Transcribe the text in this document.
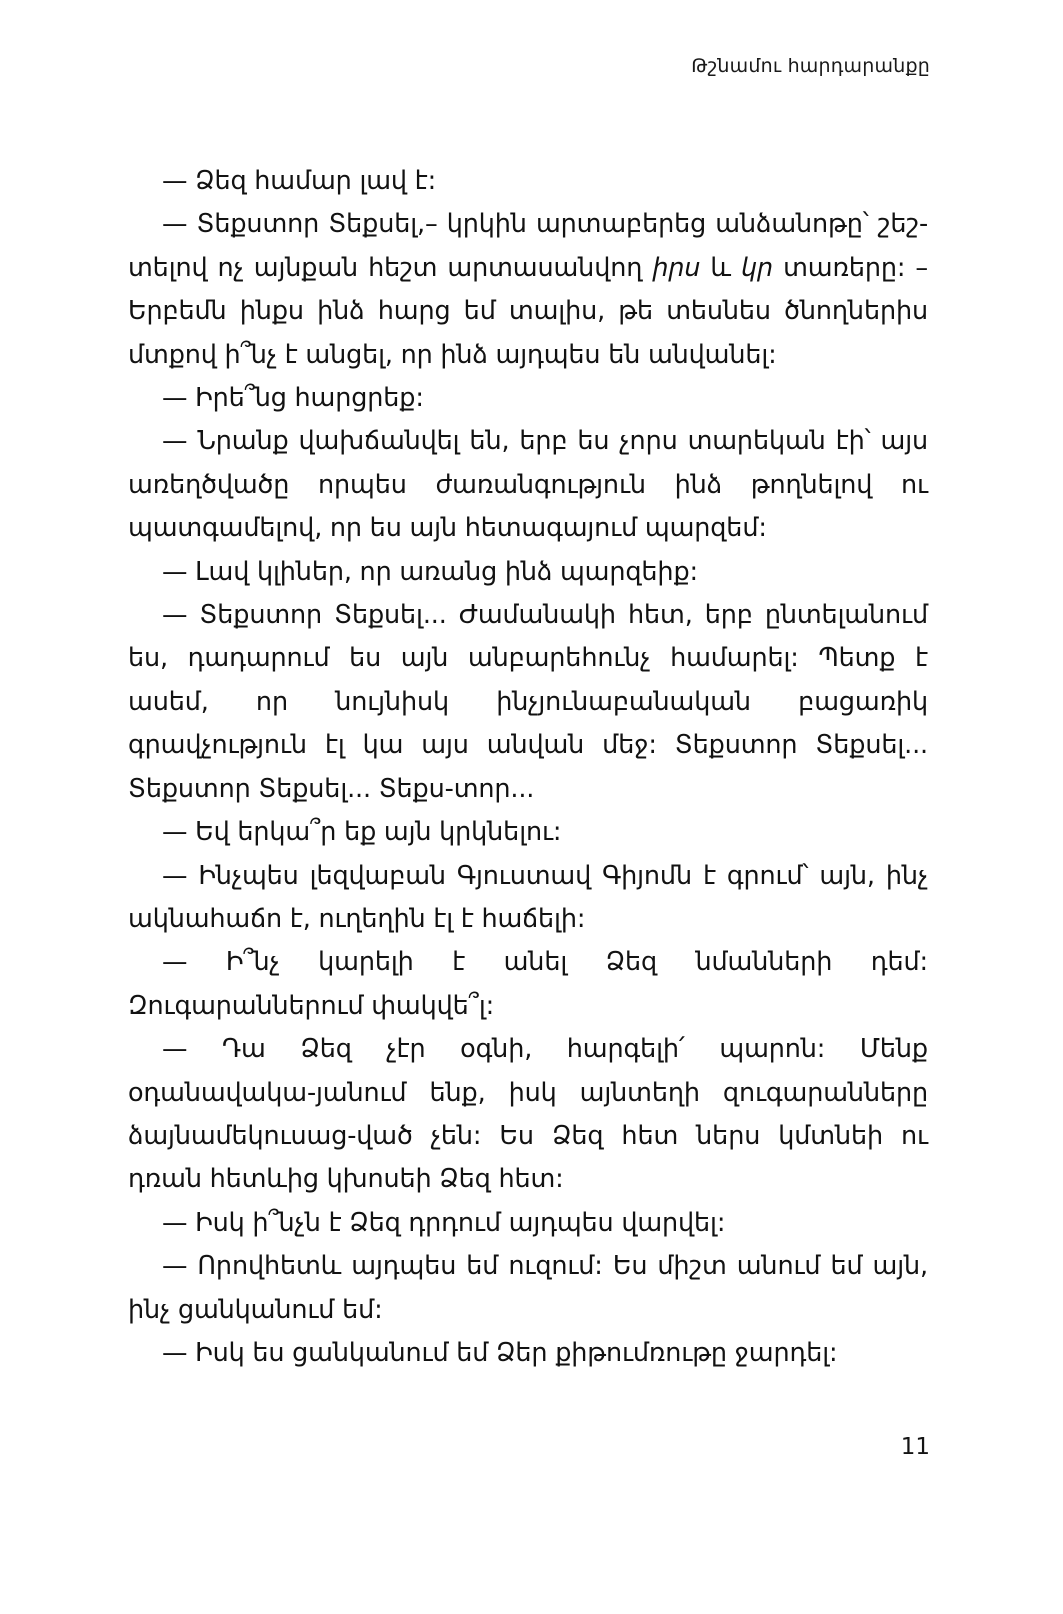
Թշնամու հարդարանքը

— Ձեզ համար լավ է:

— Տեքստոր Տեքսել,– կրկին արտաբերեց անձանոթը՝ շեշ-տելով ոչ այնքան հեշտ արտասանվող իրս և կր տառերը: – Երբեմն ինքս ինձ հարց եմ տալիս, թե տեսնես ծնողներիս մտքով ի՞նչ է անցել, որ ինձ այդպես են անվանել:

— Իրե՞նց հարցրեք:

— Նրանք վախճանվել են, երբ ես չորս տարեկան էի՝ այս առեղծվածը որպես ժառանգություն ինձ թողնելով ու պատգամելով, որ ես այն հետագայում պարզեմ:

— Լավ կլիներ, որ առանց ինձ պարզեիք:

— Տեքստոր Տեքսել... Ժամանակի հետ, երբ ընտելանում ես, դադարում ես այն անբարեհունչ համարել: Պետք է ասեմ, որ նույնիսկ ինչյունաբանական բացառիկ գրավչություն էլ կա այս անվան մեջ: Տեքստոր Տեքսել... Տեքստոր Տեքսել... Տեքս-տոր...

— Եվ երկա՞ր եք այն կրկնելու:

— Ինչպես լեզվաբան Գյուստավ Գիյոմն է գրում՝ այն, ինչ ակնահաճո է, ուղեղին էլ է հաճելի:

— Ի՞նչ կարելի է անել Ձեզ նմանների դեմ: Զուգարաններում փակվե՞լ:

— Դա Ձեզ չէր օգնի, հարգելի՛ պարոն: Մենք օդանավակա-յանում ենք, իսկ այնտեղի զուգարանները ձայնամեկուսաց-ված չեն: Ես Ձեզ հետ ներս կմտնեի ու դռան հետևից կխոսեի Ձեզ հետ:

— Իսկ ի՞նչն է Ձեզ դրդում այդպես վարվել:

— Որովհետև այդպես եմ ուզում: Ես միշտ անում եմ այն, ինչ ցանկանում եմ:

— Իսկ ես ցանկանում եմ Ձեր քիթումռութը ջարդել:

11
